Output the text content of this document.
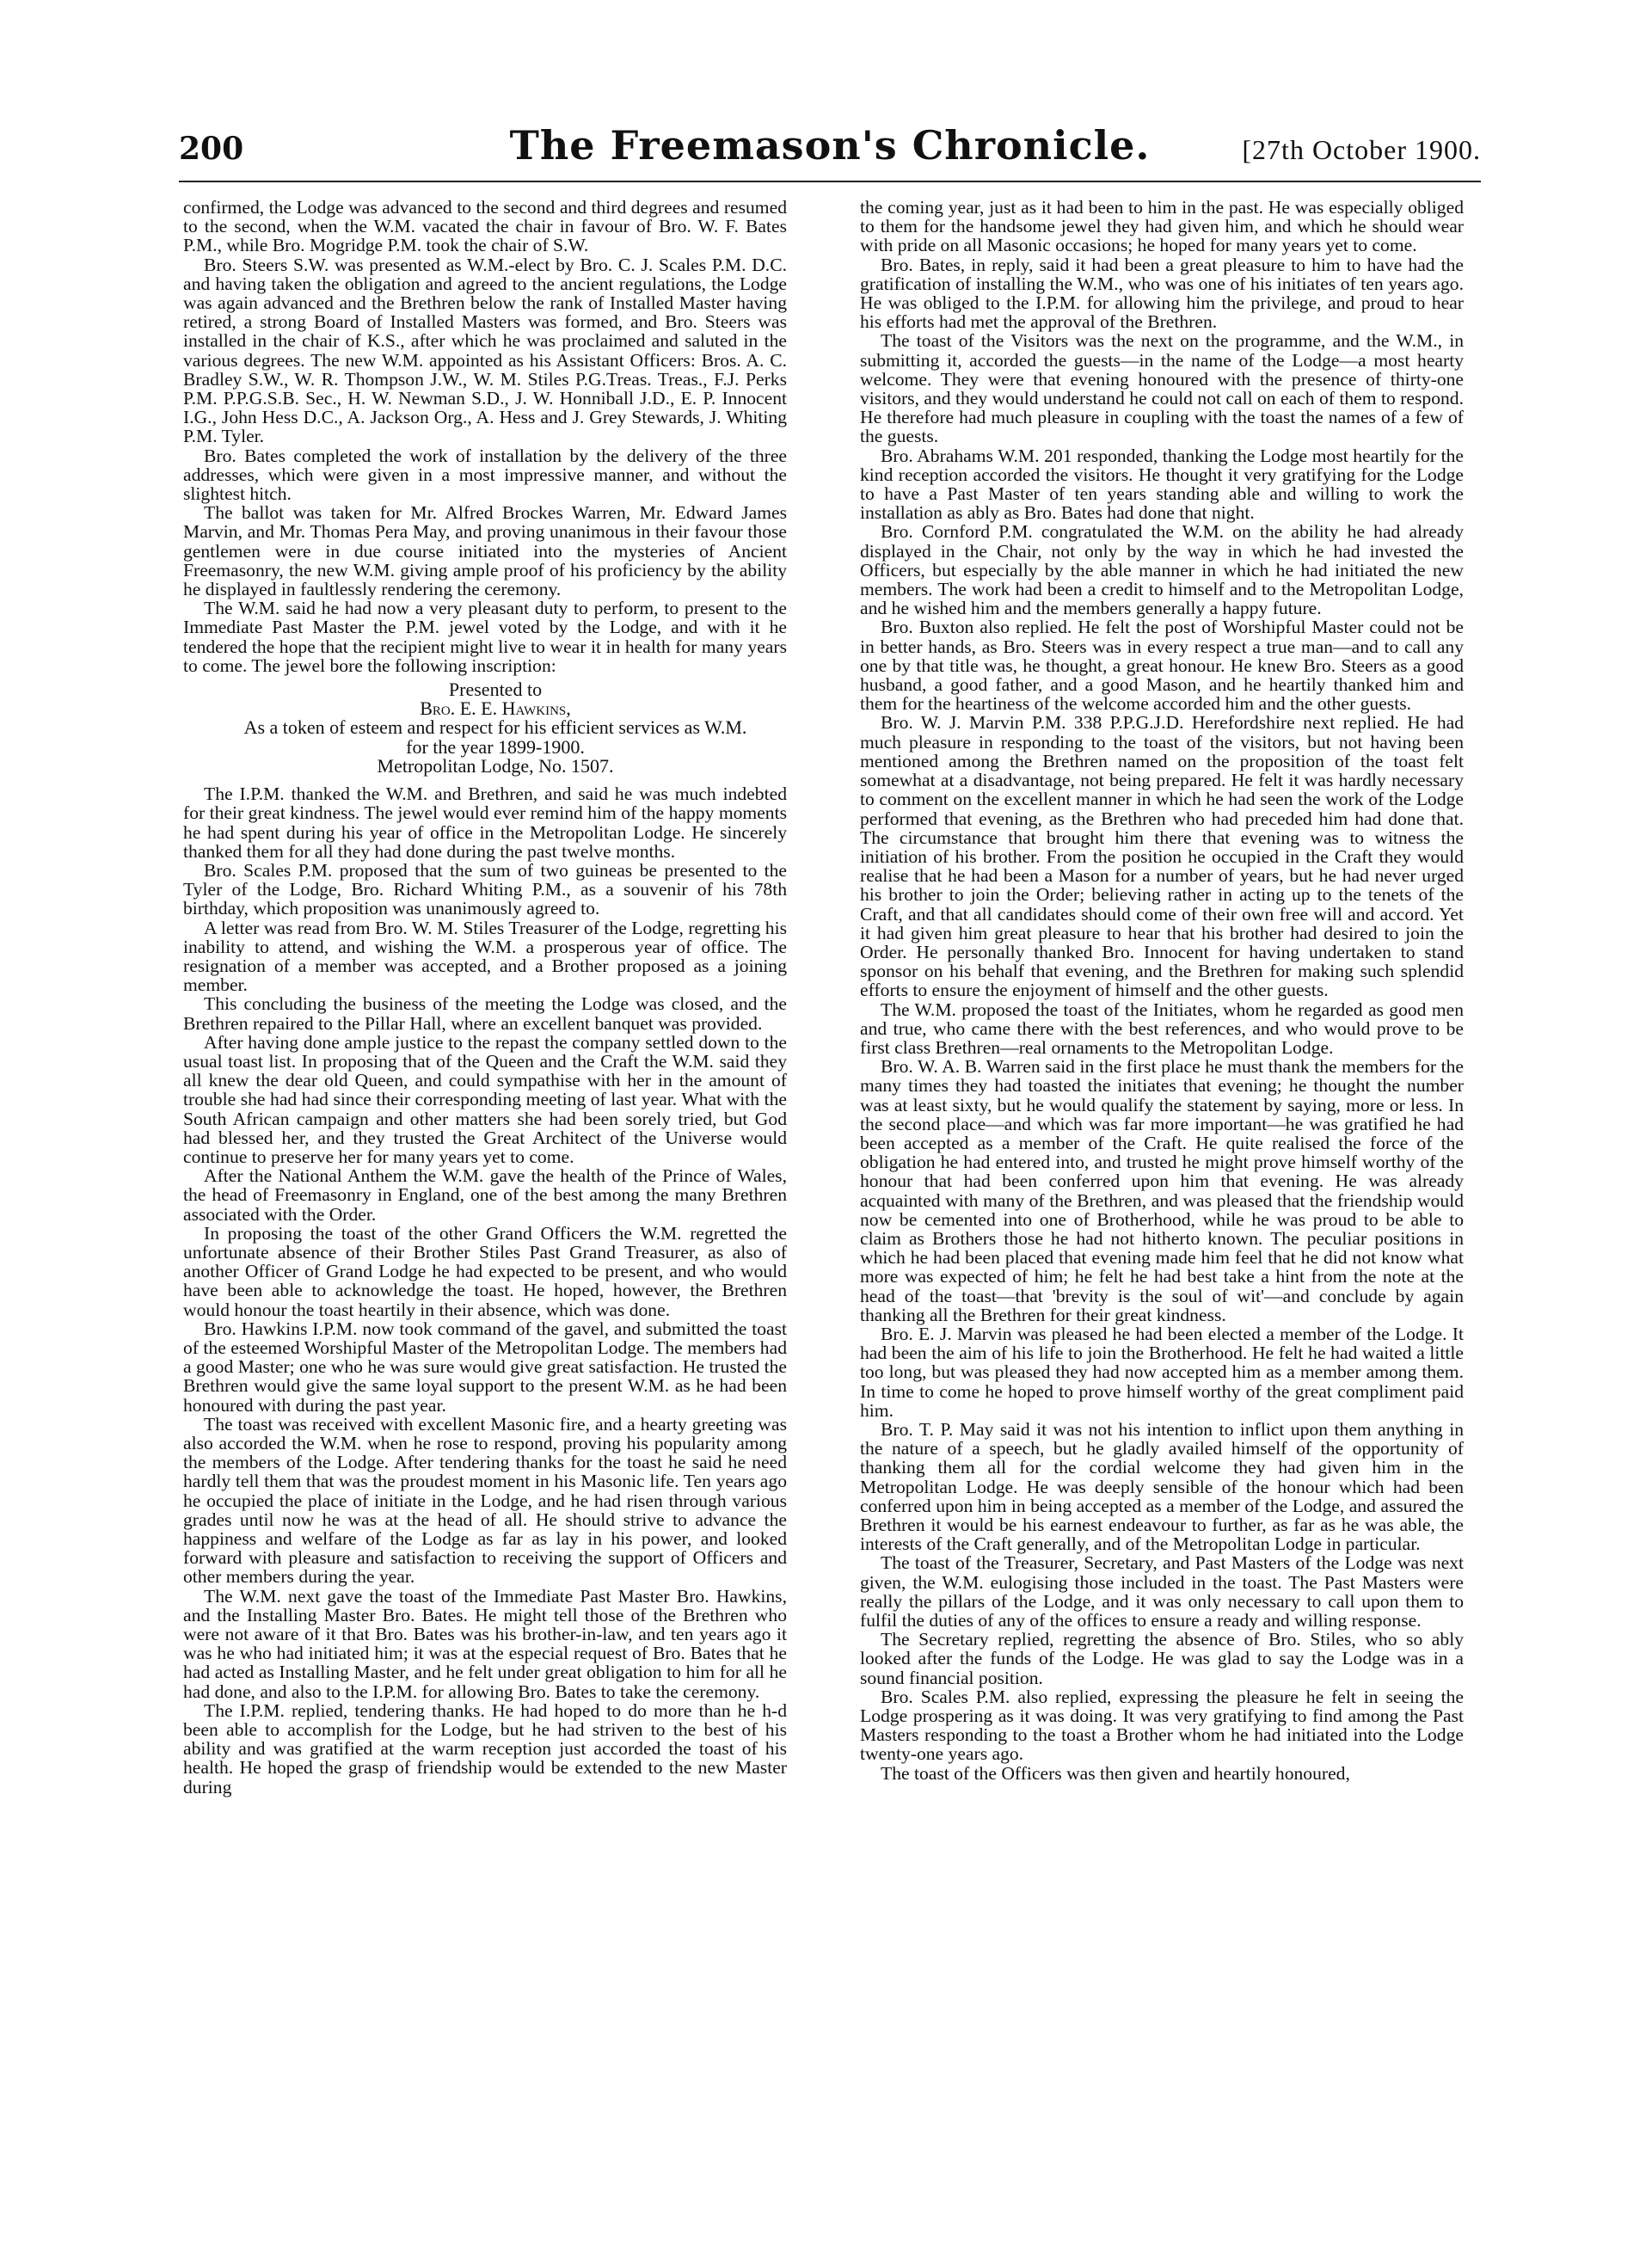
200	The Freemason's Chronicle.	[27th October 1900.

confirmed, the Lodge was advanced to the second and third degrees and resumed to the second, when the W.M. vacated the chair in favour of Bro. W. F. Bates P.M., while Bro. Mogridge P.M. took the chair of S.W.

Bro. Steers S.W. was presented as W.M.-elect by Bro. C. J. Scales P.M. D.C. and having taken the obligation and agreed to the ancient regulations, the Lodge was again advanced and the Brethren below the rank of Installed Master having retired, a strong Board of Installed Masters was formed, and Bro. Steers was installed in the chair of K.S., after which he was proclaimed and saluted in the various degrees. The new W.M. appointed as his Assistant Officers: Bros. A. C. Bradley S.W., W. R. Thompson J.W., W. M. Stiles P.G.Treas. Treas., F.J. Perks P.M. P.P.G.S.B. Sec., H. W. Newman S.D., J. W. Honniball J.D., E. P. Innocent I.G., John Hess D.C., A. Jackson Org., A. Hess and J. Grey Stewards, J. Whiting P.M. Tyler.

Bro. Bates completed the work of installation by the delivery of the three addresses, which were given in a most impressive manner, and without the slightest hitch.

The ballot was taken for Mr. Alfred Brockes Warren, Mr. Edward James Marvin, and Mr. Thomas Pera May, and proving unanimous in their favour those gentlemen were in due course initiated into the mysteries of Ancient Freemasonry, the new W.M. giving ample proof of his proficiency by the ability he displayed in faultlessly rendering the ceremony.

The W.M. said he had now a very pleasant duty to perform, to present to the Immediate Past Master the P.M. jewel voted by the Lodge, and with it he tendered the hope that the recipient might live to wear it in health for many years to come. The jewel bore the following inscription:

Presented to

Bro. E. E. Hawkins,

As a token of esteem and respect for his efficient services as W.M.

for the year 1899-1900.

Metropolitan Lodge, No. 1507.

The I.P.M. thanked the W.M. and Brethren, and said he was much indebted for their great kindness. The jewel would ever remind him of the happy moments he had spent during his year of office in the Metropolitan Lodge. He sincerely thanked them for all they had done during the past twelve months.

Bro. Scales P.M. proposed that the sum of two guineas be presented to the Tyler of the Lodge, Bro. Richard Whiting P.M., as a souvenir of his 78th birthday, which proposition was unanimously agreed to.

A letter was read from Bro. W. M. Stiles Treasurer of the Lodge, regretting his inability to attend, and wishing the W.M. a prosperous year of office. The resignation of a member was accepted, and a Brother proposed as a joining member.

This concluding the business of the meeting the Lodge was closed, and the Brethren repaired to the Pillar Hall, where an excellent banquet was provided.

After having done ample justice to the repast the company settled down to the usual toast list. In proposing that of the Queen and the Craft the W.M. said they all knew the dear old Queen, and could sympathise with her in the amount of trouble she had had since their corresponding meeting of last year. What with the South African campaign and other matters she had been sorely tried, but God had blessed her, and they trusted the Great Architect of the Universe would continue to preserve her for many years yet to come.

After the National Anthem the W.M. gave the health of the Prince of Wales, the head of Freemasonry in England, one of the best among the many Brethren associated with the Order.

In proposing the toast of the other Grand Officers the W.M. regretted the unfortunate absence of their Brother Stiles Past Grand Treasurer, as also of another Officer of Grand Lodge he had expected to be present, and who would have been able to acknowledge the toast. He hoped, however, the Brethren would honour the toast heartily in their absence, which was done.

Bro. Hawkins I.P.M. now took command of the gavel, and submitted the toast of the esteemed Worshipful Master of the Metropolitan Lodge. The members had a good Master; one who he was sure would give great satisfaction. He trusted the Brethren would give the same loyal support to the present W.M. as he had been honoured with during the past year.

The toast was received with excellent Masonic fire, and a hearty greeting was also accorded the W.M. when he rose to respond, proving his popularity among the members of the Lodge. After tendering thanks for the toast he said he need hardly tell them that was the proudest moment in his Masonic life. Ten years ago he occupied the place of initiate in the Lodge, and he had risen through various grades until now he was at the head of all. He should strive to advance the happiness and welfare of the Lodge as far as lay in his power, and looked forward with pleasure and satisfaction to receiving the support of Officers and other members during the year.

The W.M. next gave the toast of the Immediate Past Master Bro. Hawkins, and the Installing Master Bro. Bates. He might tell those of the Brethren who were not aware of it that Bro. Bates was his brother-in-law, and ten years ago it was he who had initiated him; it was at the especial request of Bro. Bates that he had acted as Installing Master, and he felt under great obligation to him for all he had done, and also to the I.P.M. for allowing Bro. Bates to take the ceremony.

The I.P.M. replied, tendering thanks. He had hoped to do more than he h-d been able to accomplish for the Lodge, but he had striven to the best of his ability and was gratified at the warm reception just accorded the toast of his health. He hoped the grasp of friendship would be extended to the new Master during

the coming year, just as it had been to him in the past. He was especially obliged to them for the handsome jewel they had given him, and which he should wear with pride on all Masonic occasions; he hoped for many years yet to come.

Bro. Bates, in reply, said it had been a great pleasure to him to have had the gratification of installing the W.M., who was one of his initiates of ten years ago. He was obliged to the I.P.M. for allowing him the privilege, and proud to hear his efforts had met the approval of the Brethren.

The toast of the Visitors was the next on the programme, and the W.M., in submitting it, accorded the guests—in the name of the Lodge—a most hearty welcome. They were that evening honoured with the presence of thirty-one visitors, and they would understand he could not call on each of them to respond. He therefore had much pleasure in coupling with the toast the names of a few of the guests.

Bro. Abrahams W.M. 201 responded, thanking the Lodge most heartily for the kind reception accorded the visitors. He thought it very gratifying for the Lodge to have a Past Master of ten years standing able and willing to work the installation as ably as Bro. Bates had done that night.

Bro. Cornford P.M. congratulated the W.M. on the ability he had already displayed in the Chair, not only by the way in which he had invested the Officers, but especially by the able manner in which he had initiated the new members. The work had been a credit to himself and to the Metropolitan Lodge, and he wished him and the members generally a happy future.

Bro. Buxton also replied. He felt the post of Worshipful Master could not be in better hands, as Bro. Steers was in every respect a true man—and to call any one by that title was, he thought, a great honour. He knew Bro. Steers as a good husband, a good father, and a good Mason, and he heartily thanked him and them for the heartiness of the welcome accorded him and the other guests.

Bro. W. J. Marvin P.M. 338 P.P.G.J.D. Herefordshire next replied. He had much pleasure in responding to the toast of the visitors, but not having been mentioned among the Brethren named on the proposition of the toast felt somewhat at a disadvantage, not being prepared. He felt it was hardly necessary to comment on the excellent manner in which he had seen the work of the Lodge performed that evening, as the Brethren who had preceded him had done that. The circumstance that brought him there that evening was to witness the initiation of his brother. From the position he occupied in the Craft they would realise that he had been a Mason for a number of years, but he had never urged his brother to join the Order; believing rather in acting up to the tenets of the Craft, and that all candidates should come of their own free will and accord. Yet it had given him great pleasure to hear that his brother had desired to join the Order. He personally thanked Bro. Innocent for having undertaken to stand sponsor on his behalf that evening, and the Brethren for making such splendid efforts to ensure the enjoyment of himself and the other guests.

The W.M. proposed the toast of the Initiates, whom he regarded as good men and true, who came there with the best references, and who would prove to be first class Brethren—real ornaments to the Metropolitan Lodge.

Bro. W. A. B. Warren said in the first place he must thank the members for the many times they had toasted the initiates that evening; he thought the number was at least sixty, but he would qualify the statement by saying, more or less. In the second place—and which was far more important—he was gratified he had been accepted as a member of the Craft. He quite realised the force of the obligation he had entered into, and trusted he might prove himself worthy of the honour that had been conferred upon him that evening. He was already acquainted with many of the Brethren, and was pleased that the friendship would now be cemented into one of Brotherhood, while he was proud to be able to claim as Brothers those he had not hitherto known. The peculiar positions in which he had been placed that evening made him feel that he did not know what more was expected of him; he felt he had best take a hint from the note at the head of the toast—that 'brevity is the soul of wit'—and conclude by again thanking all the Brethren for their great kindness.

Bro. E. J. Marvin was pleased he had been elected a member of the Lodge. It had been the aim of his life to join the Brotherhood. He felt he had waited a little too long, but was pleased they had now accepted him as a member among them. In time to come he hoped to prove himself worthy of the great compliment paid him.

Bro. T. P. May said it was not his intention to inflict upon them anything in the nature of a speech, but he gladly availed himself of the opportunity of thanking them all for the cordial welcome they had given him in the Metropolitan Lodge. He was deeply sensible of the honour which had been conferred upon him in being accepted as a member of the Lodge, and assured the Brethren it would be his earnest endeavour to further, as far as he was able, the interests of the Craft generally, and of the Metropolitan Lodge in particular.

The toast of the Treasurer, Secretary, and Past Masters of the Lodge was next given, the W.M. eulogising those included in the toast. The Past Masters were really the pillars of the Lodge, and it was only necessary to call upon them to fulfil the duties of any of the offices to ensure a ready and willing response.

The Secretary replied, regretting the absence of Bro. Stiles, who so ably looked after the funds of the Lodge. He was glad to say the Lodge was in a sound financial position.

Bro. Scales P.M. also replied, expressing the pleasure he felt in seeing the Lodge prospering as it was doing. It was very gratifying to find among the Past Masters responding to the toast a Brother whom he had initiated into the Lodge twenty-one years ago.

The toast of the Officers was then given and heartily honoured,
